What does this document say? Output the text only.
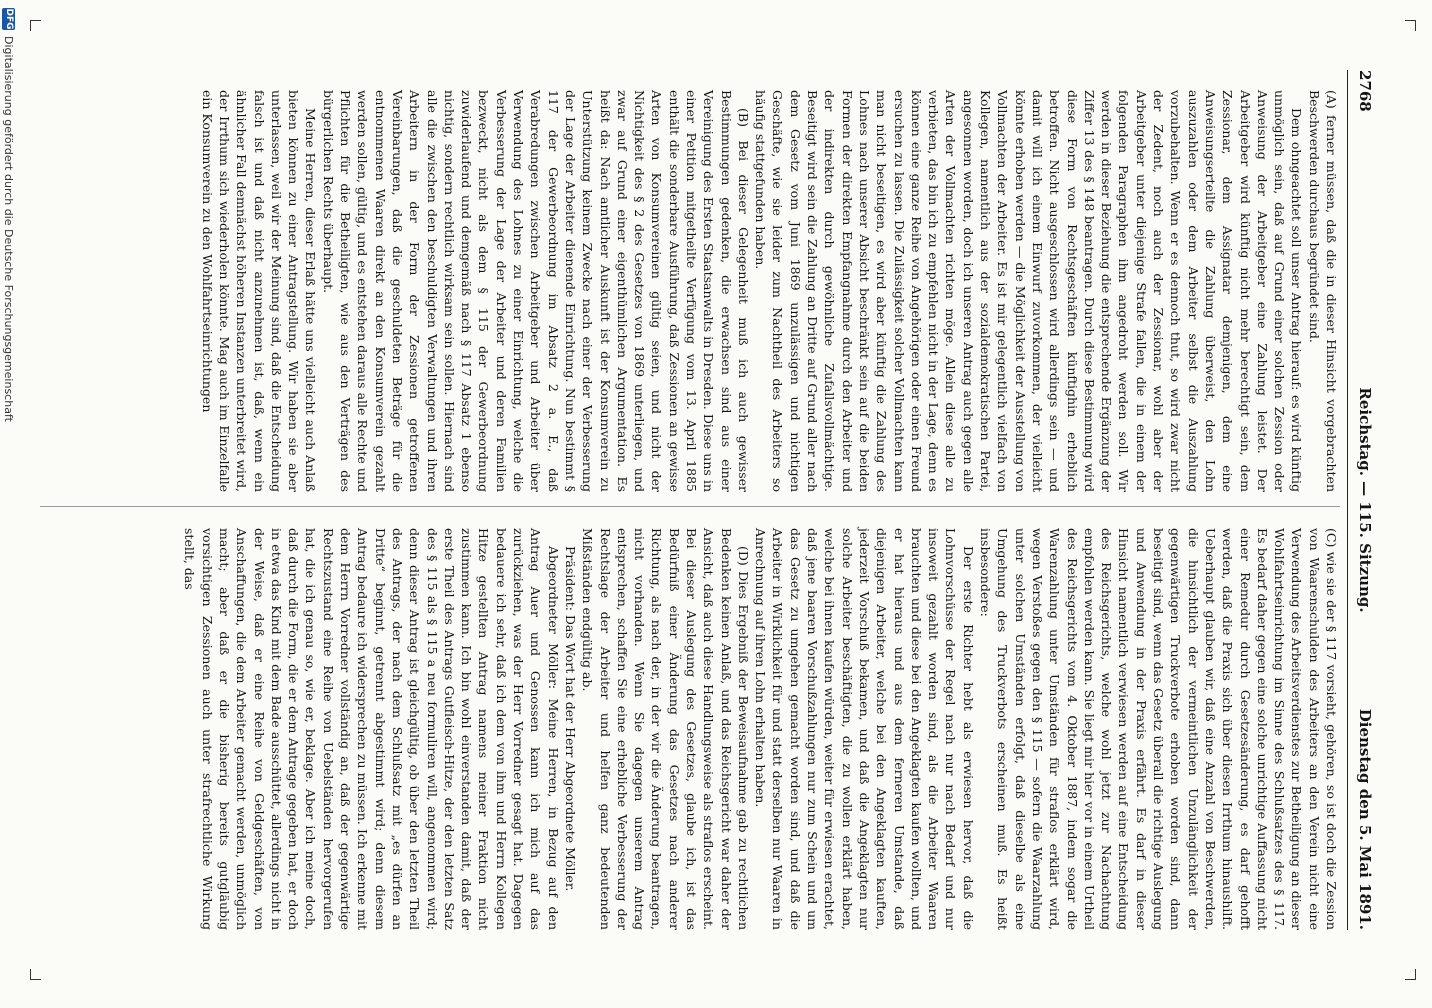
2768
Reichstag. — 115. Sitzung.
Dienstag den 5. Mai 1891.

(A) ferner müssen, daß die in dieser Hinsicht vorgebrachten Beschwerden durchaus begründet sind.

Dem ohngeachtet soll unser Antrag hierauf: es wird künftig unmöglich sein, daß auf Grund einer solchen Zession oder Anweisung der Arbeitgeber eine Zahlung leistet. Der Arbeitgeber wird künftig nicht mehr berechtigt sein, dem Zessionar, dem Assignatar demjenigen, dem eine Anweisungserteilte die Zahlung überweist, den Lohn auszuzahlen oder dem Arbeiter selbst die Auszahlung vorzubehalten. Wenn er es dennoch thut, so wird zwar nicht der Zedent, noch auch der Zessionar, wohl aber der Arbeitgeber unter diejenige Strafe fallen, die in einem der folgenden Paragraphen ihm angedroht werden soll. Wir werden in dieser Beziehung die entsprechende Ergänzung der Ziffer 13 des § 148 beantragen. Durch diese Bestimmung wird diese Form von Rechtsgeschäften künftighin erheblich betroffen. Nicht ausgeschlossen wird allerdings sein — und damit will ich einem Einwurf zuvorkommen, der vielleicht könnte erhoben werden — die Möglichkeit der Ausstellung von Vollmachten der Arbeiter. Es ist mir gelegentlich vielfach von Kollegen, namentlich aus der sozialdemokratischen Partei, angesonnen worden, doch ich unseren Antrag auch gegen alle Arten der Vollmachten richten möge. Allein diese alle zu verbieten, das bin ich zu empfehlen nicht in der Lage, denn es können eine ganze Reihe von Angehörigen oder einen Freund ersuchen zu lassen. Die Zulässigkeit solcher Vollmachten kann man nicht beseitigen, es wird aber künftig die Zahlung des Lohnes nach unserer Absicht beschränkt sein auf die beiden Formen der direkten Empfangnahme durch den Arbeiter und der indirekten durch gewöhnliche Zufallsvollmächtige. Beseitigt wird sein die Zahlung an Dritte auf Grund aller nach dem Gesetz vom Juni 1869 unzulässigen und nichtigen Geschäfte, wie sie leider zum Nachtheil des Arbeiters so häufig stattgefunden haben.

(B) Bei dieser Gelegenheit muß ich auch gewisser Bestimmungen gedenken, die erwachsen sind aus einer Vereinigung des Ersten Staatsanwalts in Dresden. Diese uns in einer Petition mitgetheilte Verfügung vom 13. April 1885 enthält die sonderbare Ausführung, daß Zessionen an gewisse Arten von Konsumvereinen gültig seien, und nicht der Nichtigkeit des § 2 des Gesetzes von 1869 unterliegen, und zwar auf Grund einer eigenthümlichen Argumentation. Es heißt da: Nach amtlicher Auskunft ist der Konsumverein zu Unterstützung keinem Zwecke nach einer der Verbesserung der Lage der Arbeiter dienende Einrichtung. Nun bestimmt § 117 der Gewerbeordnung im Absatz 2 a. E., daß Verabredungen zwischen Arbeitgeber und Arbeiter über Verwendung des Lohnes zu einer Einrichtung, welche die Verbesserung der Lage der Arbeiter und deren Familien bezweckt, nicht als dem § 115 der Gewerbeordnung zuwiderlaufend und demgemäß nach § 117 Absatz 1 ebenso nichtig, sondern rechtlich wirksam sein sollen. Hiernach sind alle die zwischen den beschuldigten Verwaltungen und ihren Arbeitern in der Form der Zessionen getroffenen Vereinbarungen, daß die geschuldeten Beträge für die entnommenen Waaren direkt an den Konsumverein gezahlt werden sollen, gültig, und es entstehen daraus alle Rechte und Pflichten für die Betheiligten, wie aus den Verträgen des bürgerlichen Rechts überhaupt.

Meine Herren, dieser Erlaß hätte uns vielleicht auch Anlaß bieten können zu einer Antragstellung. Wir haben sie aber unterlassen, weil wir der Meinung sind, daß die Entscheidung falsch ist und daß nicht anzunehmen ist, daß, wenn ein ähnlicher Fall demnächst höheren Instanzen unterbreitet wird, der Irrthum sich wiederholen könnte. Mag auch im Einzelfalle ein Konsumverein zu den Wohlfahrtseinrichtungen

(C) wie sie der § 117 vorsieht, gehören, so ist doch die Zession von Waarenschulden des Arbeiters an den Verein nicht eine Verwendung des Arbeitsverdienstes zur Betheiligung an dieser Wohlfahrtseinrichtung im Sinne des Schlußsatzes des § 117. Es bedarf daher gegen eine solche unrichtige Auffassung nicht einer Remedur durch Gesetzesänderung, es darf gehofft werden, daß die Praxis sich über diesen Irrthum hinaushilft. Ueberhaupt glauben wir, daß eine Anzahl von Beschwerden, die hinsichtlich der vermeintlichen Unzulänglichkeit der gegenwärtigen Truckverbote erhoben worden sind, dann beseitigt sind, wenn das Gesetz überall die richtige Auslegung und Anwendung in der Praxis erfährt. Es darf in dieser Hinsicht namentlich verwiesen werden auf eine Entscheidung des Reichsgerichts, welche wohl jetzt zur Nachachtung empfohlen werden kann. Sie liegt mir hier vor in einem Urtheil des Reichsgerichts vom 4. Oktober 1887, indem sogar die Warenzahlung unter Umständen für straflos erklärt wird, wegen Verstoßes gegen den § 115 — sofern die Waarzahlung unter solchen Umständen erfolgt, daß dieselbe als eine Umgehung des Truckverbots erscheinen muß. Es heißt insbesondere:

Der erste Richter hebt als erwiesen hervor, daß die Lohnvorschüsse der Regel nach nur nach Bedarf und nur insoweit gezahlt worden sind, als die Arbeiter Waaren brauchten und diese bei den Angeklagten kaufen wollten, und er hat hieraus und aus dem ferneren Umstande, daß diejenigen Arbeiter, welche bei den Angeklagten kauften, jederzeit Vorschuß bekamen, und daß die Angeklagten nur solche Arbeiter beschäftigten, die zu wollen erklärt haben, welche bei ihnen kaufen würden, weiter für erwiesen erachtet, daß jene baaren Vorschußzahlungen nur zum Schein und um das Gesetz zu umgehen gemacht worden sind, und daß die Arbeiter in Wirklichkeit für und statt derselben nur Waaren in Anrechnung auf ihren Lohn erhalten haben.

(D) Dies Ergebniß der Beweisaufnahme gab zu rechtlichen Bedenken keinen Anlaß, und das Reichsgericht war daher der Ansicht, daß auch diese Handlungsweise als straflos erscheint. Bei dieser Auslegung des Gesetzes, glaube ich, ist das Bedürfniß einer Änderung das Gesetzes nach anderer Richtung, als nach der, in der wir die Änderung beantragen, nicht vorhanden. Wenn Sie dagegen unserem Antrag entsprechen, schaffen Sie eine erhebliche Verbesserung der Rechtslage der Arbeiter und helfen ganz bedeutenden Mißständen endgültig ab.

Präsident: Das Wort hat der Herr Abgeordnete Möller.

Abgeordneter Möller: Meine Herren, in Bezug auf den Antrag Auer und Genossen kann ich mich auf das zurückziehen, was der Herr Vorredner gesagt hat. Dagegen bedauere ich sehr, daß ich dem von ihm und Herrn Kollegen Hitze gestellten Antrag namens meiner Fraktion nicht zustimmen kann. Ich bin wohl einverstanden damit, daß der erste Theil des Antrags Gutfleisch-Hitze, der den letzten Satz des § 115 als § 115 a neu formuliren will, angenommen wird; denn dieser Antrag ist gleichgültig, ob über den letzten Theil des Antrags, der nach dem Schlußsatz mit „es dürfen an Dritte“ beginnt, getrennt abgestimmt wird; denn diesem Antrag bedaure ich widersprechen zu müssen. Ich erkenne mit dem Herrn Vorredner vollständig an, daß der gegenwärtige Rechtszustand eine Reihe von Uebelständen hervorgerufen hat, die ich genau so, wie er, beklage. Aber ich meine doch, daß durch die Form, die er dem Antrage gegeben hat, er doch in etwa das Kind mit dem Bade ausschüttet, allerdings nicht in der Weise, daß er eine Reihe von Geldgeschäften, von Anschaffungen, die dem Arbeiter gemacht werden, unmöglich macht; aber daß er die bisherig bereits gutgläubig vorsichtigen Zessionen auch unter strafrechtliche Wirkung stellt, das

DFG
Digitalisierung gefördert durch die Deutsche Forschungsgemeinschaft
